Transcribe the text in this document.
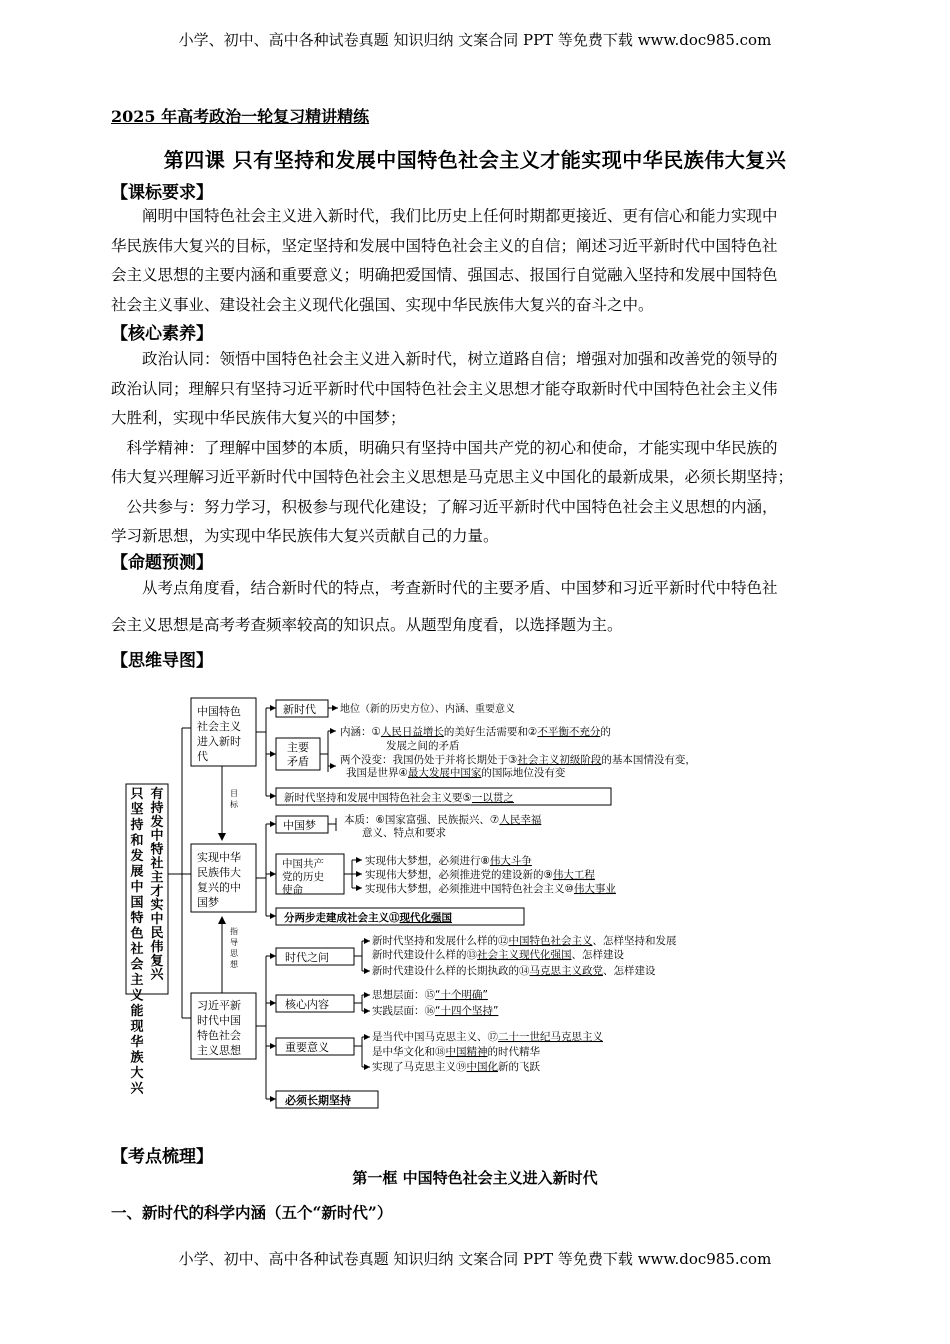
小学、初中、高中各种试卷真题 知识归纳 文案合同 PPT 等免费下载 www.doc985.com
2025 年高考政治一轮复习精讲精练
第四课 只有坚持和发展中国特色社会主义才能实现中华民族伟大复兴
【课标要求】
阐明中国特色社会主义进入新时代，我们比历史上任何时期都更接近、更有信心和能力实现中
华民族伟大复兴的目标，坚定坚持和发展中国特色社会主义的自信；阐述习近平新时代中国特色社
会主义思想的主要内涵和重要意义；明确把爱国情、强国志、报国行自觉融入坚持和发展中国特色
社会主义事业、建设社会主义现代化强国、实现中华民族伟大复兴的奋斗之中。
【核心素养】
政治认同：领悟中国特色社会主义进入新时代，树立道路自信；增强对加强和改善党的领导的
政治认同；理解只有坚持习近平新时代中国特色社会主义思想才能夺取新时代中国特色社会主义伟
大胜利，实现中华民族伟大复兴的中国梦；
科学精神：了理解中国梦的本质，明确只有坚持中国共产党的初心和使命，才能实现中华民族的
伟大复兴理解习近平新时代中国特色社会主义思想是马克思主义中国化的最新成果，必须长期坚持；
公共参与：努力学习，积极参与现代化建设；了解习近平新时代中国特色社会主义思想的内涵，
学习新思想，为实现中华民族伟大复兴贡献自己的力量。
【命题预测】
从考点角度看，结合新时代的特点，考查新时代的主要矛盾、中国梦和习近平新时代中特色社
会主义思想是高考考查频率较高的知识点。从题型角度看，以选择题为主。
【思维导图】
只
坚
持
和
发
展
中
国
特
色
社
会
主
义
能
现
华
族
大
兴
有
持
发
中
特
社
主
才
实
中
民
伟
复
兴
中国特色
社会主义
进入新时
代
实现中华
民族伟大
复兴的中
国梦
习近平新
时代中国
特色社会
主义思想
目
标
指
导
思
想
新时代 地位（新的历史方位）、内涵、重要意义
主要
矛盾
内涵：①人民日益增长的美好生活需要和②不平衡不充分的
发展之间的矛盾
两个没变：我国仍处于并将长期处于③社会主义初级阶段的基本国情没有变，
我国是世界④最大发展中国家的国际地位没有变
新时代坚持和发展中国特色社会主义要⑤一以贯之
中国梦	本质：⑥国家富强、民族振兴、⑦人民幸福
意义、特点和要求
中国共产
党的历史
使命
实现伟大梦想，必须进行⑧伟大斗争
实现伟大梦想，必须推进党的建设新的⑨伟大工程
实现伟大梦想，必须推进中国特色社会主义⑩伟大事业
分两步走建成社会主义⑪现代化强国
时代之问
新时代坚持和发展什么样的⑫中国特色社会主义、怎样坚持和发展
新时代建设什么样的⑬社会主义现代化强国、怎样建设
新时代建设什么样的长期执政的⑭马克思主义政党、怎样建设
核心内容
思想层面：⑮“十个明确”
实践层面：⑯“十四个坚持”
重要意义
是当代中国马克思主义、⑰二十一世纪马克思主义
是中华文化和⑱中国精神的时代精华
实现了马克思主义⑲中国化新的飞跃
必须长期坚持
【考点梳理】
第一框 中国特色社会主义进入新时代
一、新时代的科学内涵（五个“新时代”）
小学、初中、高中各种试卷真题 知识归纳 文案合同 PPT 等免费下载 www.doc985.com
